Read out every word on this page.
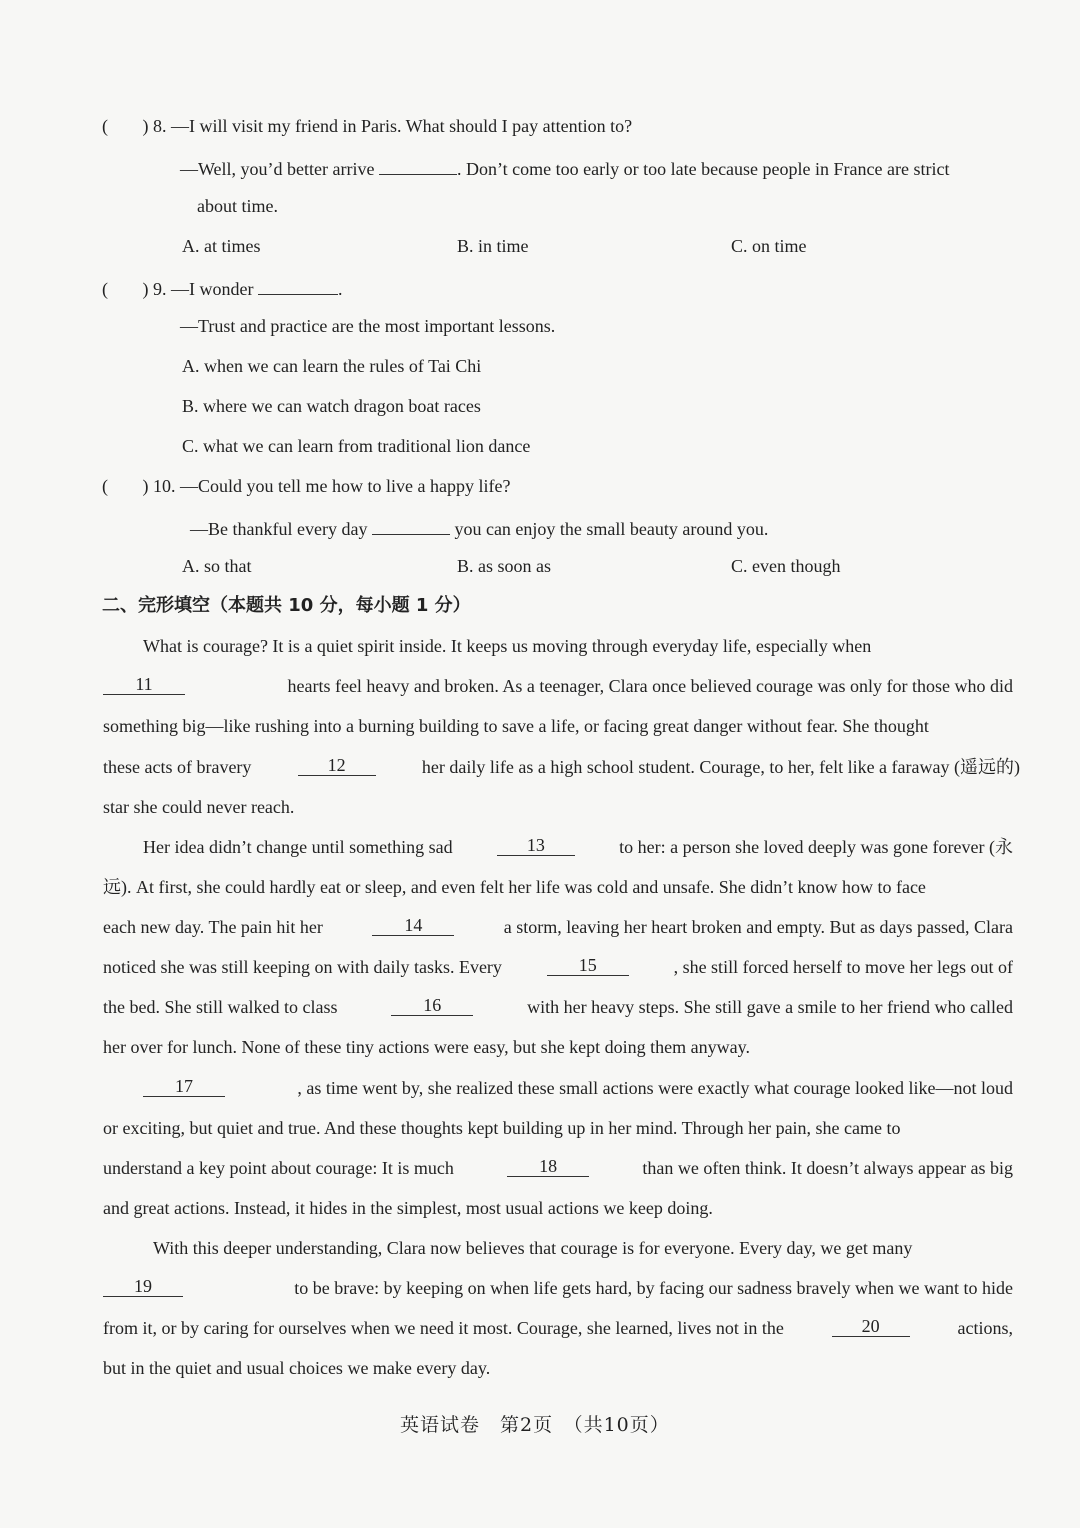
( ) 8. —I will visit my friend in Paris. What should I pay attention to?
—Well, you’d better arrive	. Don’t come too early or too late because people in France are strict
about time.
A. at times	B. in time	C. on time
( ) 9. —I wonder	.
—Trust and practice are the most important lessons.
A. when we can learn the rules of Tai Chi
B. where we can watch dragon boat races
C. what we can learn from traditional lion dance
( ) 10. —Could you tell me how to live a happy life?
—Be thankful every day	you can enjoy the small beauty around you.
A. so that	B. as soon as	C. even though
二、完形填空（本题共 10 分，每小题 1 分）
What is courage? It is a quiet spirit inside. It keeps us moving through everyday life, especially when
11	hearts feel heavy and broken. As a teenager, Clara once believed courage was only for those who did
something big—like rushing into a burning building to save a life, or facing great danger without fear. She thought
these acts of bravery	12	her daily life as a high school student. Courage, to her, felt like a faraway (遥远的)
star she could never reach.
Her idea didn’t change until something sad	13	to her: a person she loved deeply was gone forever (永
远). At first, she could hardly eat or sleep, and even felt her life was cold and unsafe. She didn’t know how to face
each new day. The pain hit her	14	a storm, leaving her heart broken and empty. But as days passed, Clara
noticed she was still keeping on with daily tasks. Every	15	, she still forced herself to move her legs out of
the bed. She still walked to class	16	with her heavy steps. She still gave a smile to her friend who called
her over for lunch. None of these tiny actions were easy, but she kept doing them anyway.
17	, as time went by, she realized these small actions were exactly what courage looked like—not loud
or exciting, but quiet and true. And these thoughts kept building up in her mind. Through her pain, she came to
understand a key point about courage: It is much	18	than we often think. It doesn’t always appear as big
and great actions. Instead, it hides in the simplest, most usual actions we keep doing.
With this deeper understanding, Clara now believes that courage is for everyone. Every day, we get many
19	to be brave: by keeping on when life gets hard, by facing our sadness bravely when we want to hide
from it, or by caring for ourselves when we need it most. Courage, she learned, lives not in the	20	actions,
but in the quiet and usual choices we make every day.
英语试卷　第2页　（共10页）
